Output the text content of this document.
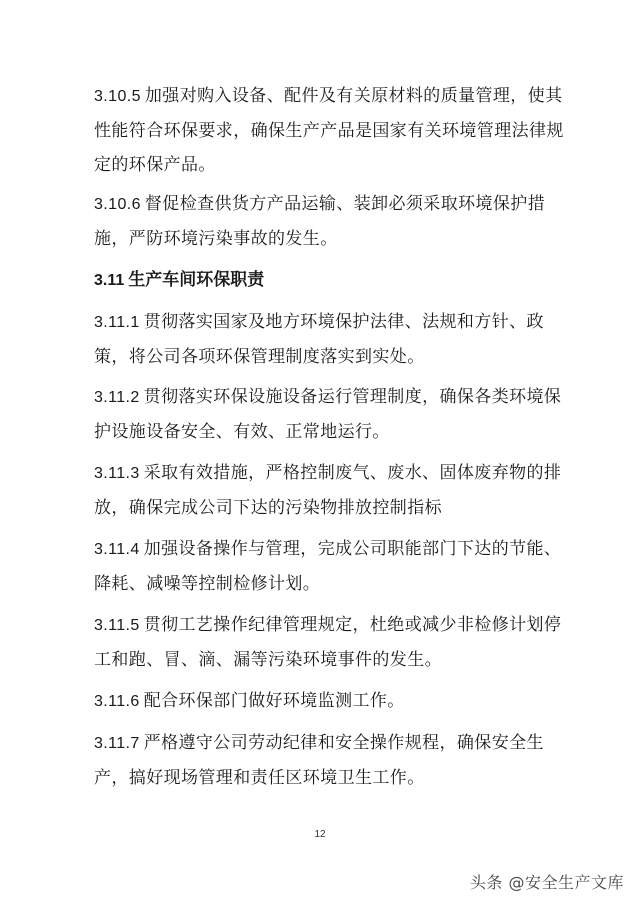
3.10.5 加强对购入设备、配件及有关原材料的质量管理，使其性能符合环保要求，确保生产产品是国家有关环境管理法律规定的环保产品。

3.10.6 督促检查供货方产品运输、装卸必须采取环境保护措施，严防环境污染事故的发生。

3.11 生产车间环保职责

3.11.1 贯彻落实国家及地方环境保护法律、法规和方针、政策，将公司各项环保管理制度落实到实处。

3.11.2 贯彻落实环保设施设备运行管理制度，确保各类环境保护设施设备安全、有效、正常地运行。

3.11.3 采取有效措施，严格控制废气、废水、固体废弃物的排放，确保完成公司下达的污染物排放控制指标

3.11.4 加强设备操作与管理，完成公司职能部门下达的节能、降耗、减噪等控制检修计划。

3.11.5 贯彻工艺操作纪律管理规定，杜绝或减少非检修计划停工和跑、冒、滴、漏等污染环境事件的发生。

3.11.6 配合环保部门做好环境监测工作。

3.11.7 严格遵守公司劳动纪律和安全操作规程，确保安全生产，搞好现场管理和责任区环境卫生工作。

12
头条 @安全生产文库
